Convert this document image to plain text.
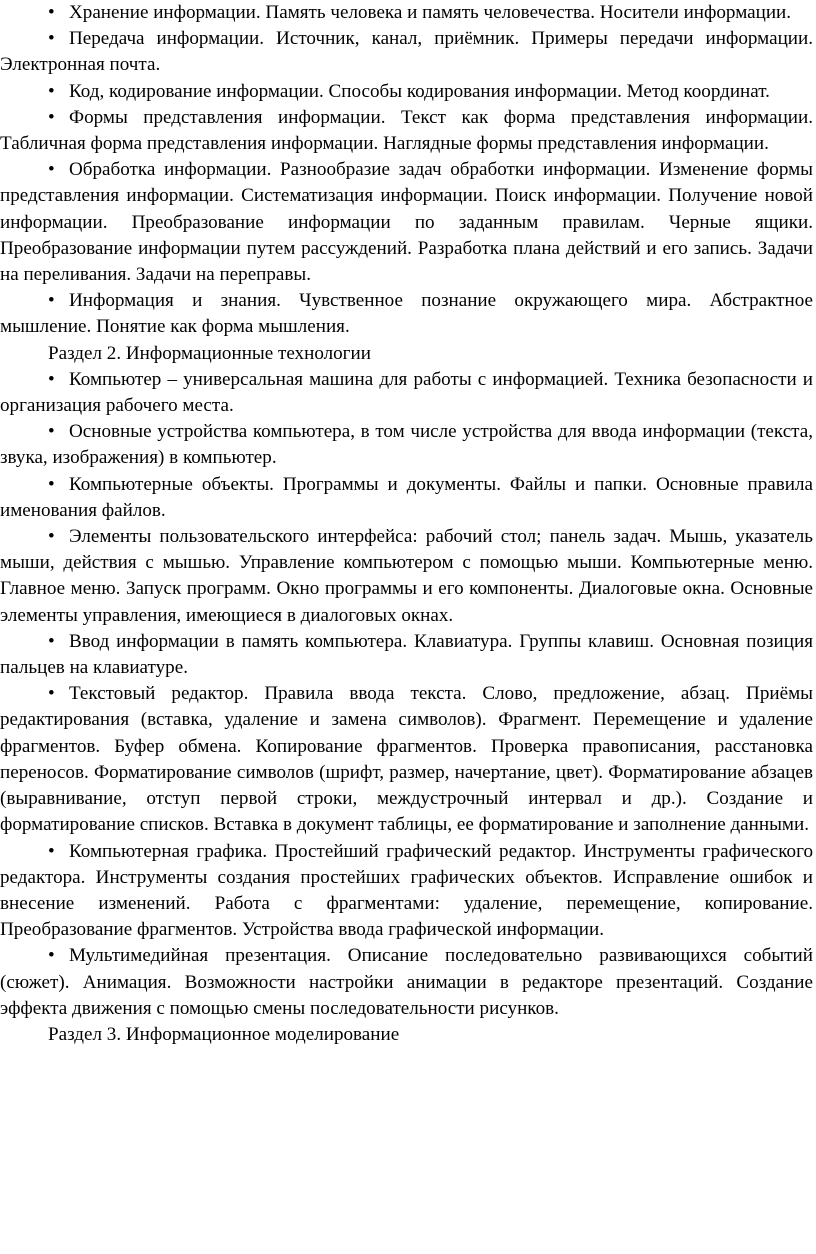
• Хранение информации. Память человека и память человечества. Носители информации.

• Передача информации. Источник, канал, приёмник. Примеры передачи информации. Электронная почта.

• Код, кодирование информации. Способы кодирования информации. Метод координат.

• Формы представления информации. Текст как форма представления информации. Табличная форма представления информации. Наглядные формы представления информации.

• Обработка информации. Разнообразие задач обработки информации. Изменение формы представления информации. Систематизация информации. Поиск информации. Получение новой информации. Преобразование информации по заданным правилам. Черные ящики. Преобразование информации путем рассуждений. Разработка плана действий и его запись. Задачи на переливания. Задачи на переправы.

• Информация и знания. Чувственное познание окружающего мира. Абстрактное мышление. Понятие как форма мышления.

Раздел 2. Информационные технологии

• Компьютер – универсальная машина для работы с информацией. Техника безопасности и организация рабочего места.

• Основные устройства компьютера, в том числе устройства для ввода информации (текста, звука, изображения) в компьютер.

• Компьютерные объекты. Программы и документы. Файлы и папки. Основные правила именования файлов.

• Элементы пользовательского интерфейса: рабочий стол; панель задач. Мышь, указатель мыши, действия с мышью. Управление компьютером с помощью мыши. Компьютерные меню. Главное меню. Запуск программ. Окно программы и его компоненты. Диалоговые окна. Основные элементы управления, имеющиеся в диалоговых окнах.

• Ввод информации в память компьютера. Клавиатура. Группы клавиш. Основная позиция пальцев на клавиатуре.

• Текстовый редактор. Правила ввода текста. Слово, предложение, абзац. Приёмы редактирования (вставка, удаление и замена символов). Фрагмент. Перемещение и удаление фрагментов. Буфер обмена. Копирование фрагментов. Проверка правописания, расстановка переносов. Форматирование символов (шрифт, размер, начертание, цвет). Форматирование абзацев (выравнивание, отступ первой строки, междустрочный интервал и др.). Создание и форматирование списков. Вставка в документ таблицы, ее форматирование и заполнение данными.

• Компьютерная графика. Простейший графический редактор. Инструменты графического редактора. Инструменты создания простейших графических объектов. Исправление ошибок и внесение изменений. Работа с фрагментами: удаление, перемещение, копирование. Преобразование фрагментов. Устройства ввода графической информации.

• Мультимедийная презентация. Описание последовательно развивающихся событий (сюжет). Анимация. Возможности настройки анимации в редакторе презентаций. Создание эффекта движения с помощью смены последовательности рисунков.

Раздел 3. Информационное моделирование
